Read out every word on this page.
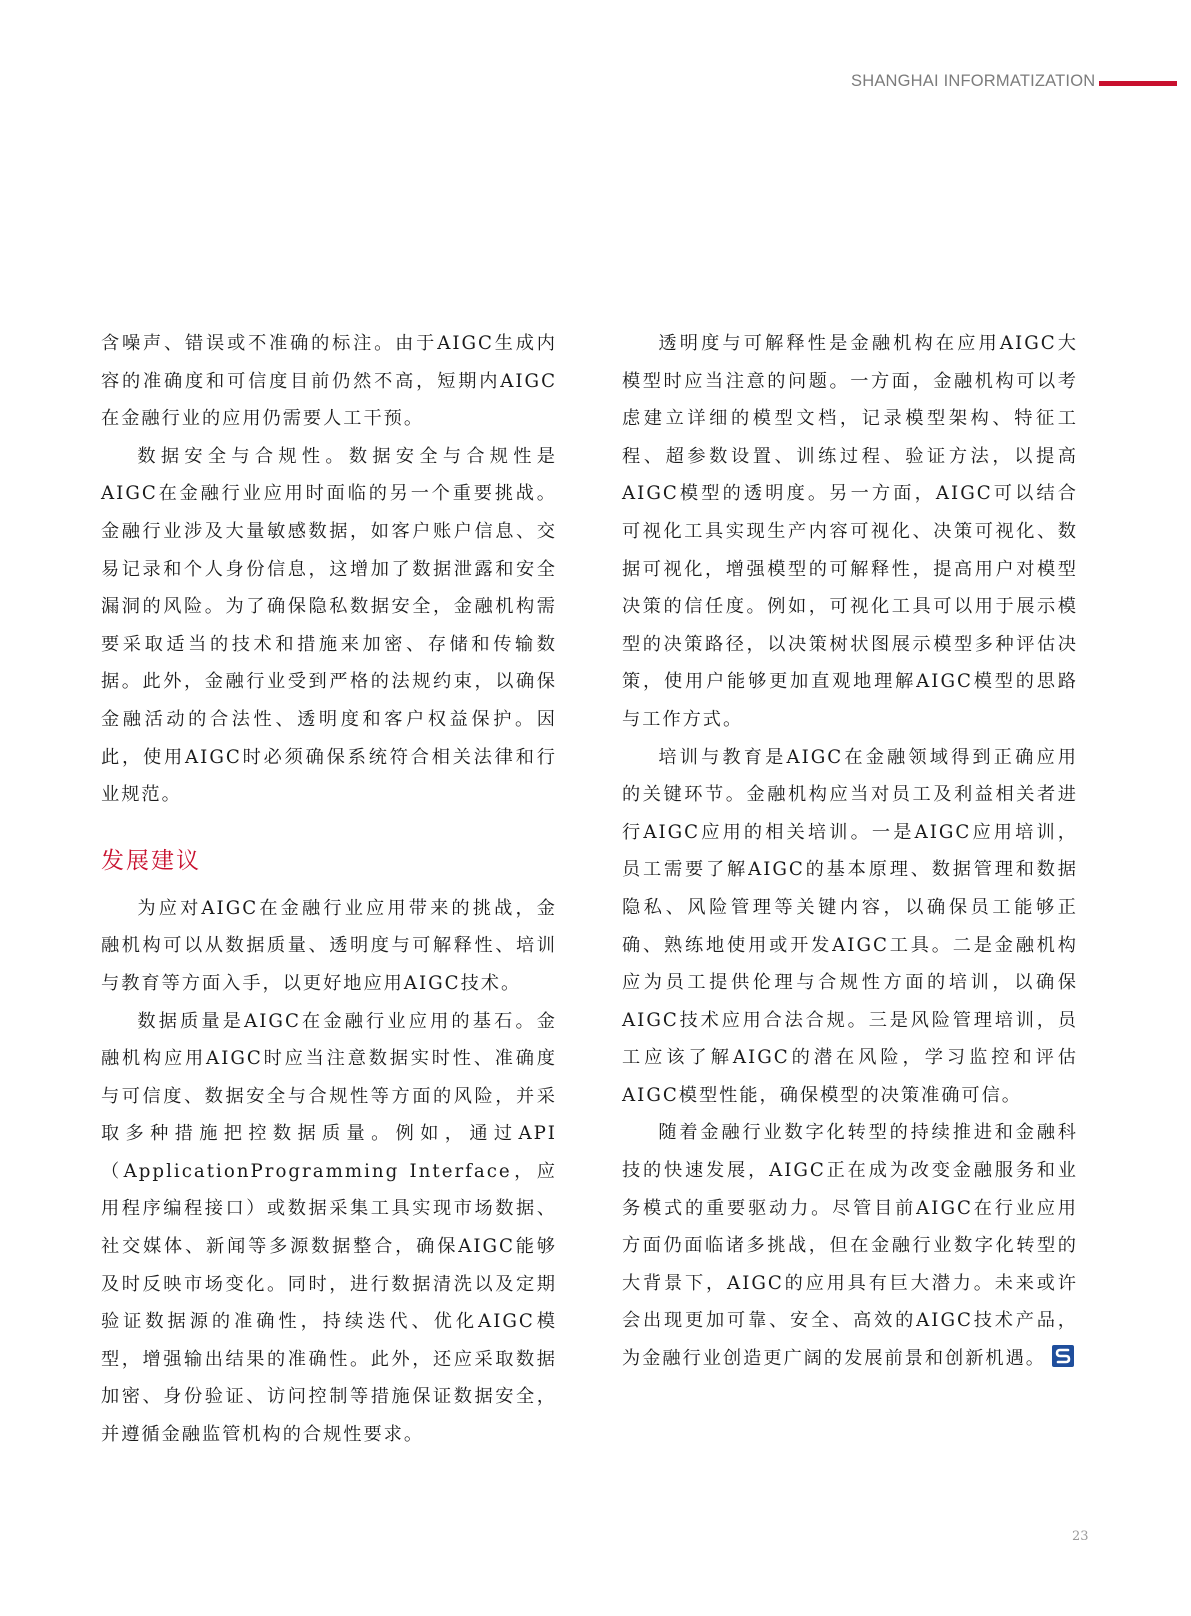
SHANGHAI INFORMATIZATION

含噪声、错误或不准确的标注。由于AIGC生成内容的准确度和可信度目前仍然不高，短期内AIGC在金融行业的应用仍需要人工干预。

数据安全与合规性。数据安全与合规性是AIGC在金融行业应用时面临的另一个重要挑战。金融行业涉及大量敏感数据，如客户账户信息、交易记录和个人身份信息，这增加了数据泄露和安全漏洞的风险。为了确保隐私数据安全，金融机构需要采取适当的技术和措施来加密、存储和传输数据。此外，金融行业受到严格的法规约束，以确保金融活动的合法性、透明度和客户权益保护。因此，使用AIGC时必须确保系统符合相关法律和行业规范。

发展建议

为应对AIGC在金融行业应用带来的挑战，金融机构可以从数据质量、透明度与可解释性、培训与教育等方面入手，以更好地应用AIGC技术。

数据质量是AIGC在金融行业应用的基石。金融机构应用AIGC时应当注意数据实时性、准确度与可信度、数据安全与合规性等方面的风险，并采取多种措施把控数据质量。例如，通过API（ApplicationProgramming Interface，应用程序编程接口）或数据采集工具实现市场数据、社交媒体、新闻等多源数据整合，确保AIGC能够及时反映市场变化。同时，进行数据清洗以及定期验证数据源的准确性，持续迭代、优化AIGC模型，增强输出结果的准确性。此外，还应采取数据加密、身份验证、访问控制等措施保证数据安全，并遵循金融监管机构的合规性要求。

透明度与可解释性是金融机构在应用AIGC大模型时应当注意的问题。一方面，金融机构可以考虑建立详细的模型文档，记录模型架构、特征工程、超参数设置、训练过程、验证方法，以提高AIGC模型的透明度。另一方面，AIGC可以结合可视化工具实现生产内容可视化、决策可视化、数据可视化，增强模型的可解释性，提高用户对模型决策的信任度。例如，可视化工具可以用于展示模型的决策路径，以决策树状图展示模型多种评估决策，使用户能够更加直观地理解AIGC模型的思路与工作方式。

培训与教育是AIGC在金融领域得到正确应用的关键环节。金融机构应当对员工及利益相关者进行AIGC应用的相关培训。一是AIGC应用培训，员工需要了解AIGC的基本原理、数据管理和数据隐私、风险管理等关键内容，以确保员工能够正确、熟练地使用或开发AIGC工具。二是金融机构应为员工提供伦理与合规性方面的培训，以确保AIGC技术应用合法合规。三是风险管理培训，员工应该了解AIGC的潜在风险，学习监控和评估AIGC模型性能，确保模型的决策准确可信。

随着金融行业数字化转型的持续推进和金融科技的快速发展，AIGC正在成为改变金融服务和业务模式的重要驱动力。尽管目前AIGC在行业应用方面仍面临诸多挑战，但在金融行业数字化转型的大背景下，AIGC的应用具有巨大潜力。未来或许会出现更加可靠、安全、高效的AIGC技术产品，为金融行业创造更广阔的发展前景和创新机遇。

23
